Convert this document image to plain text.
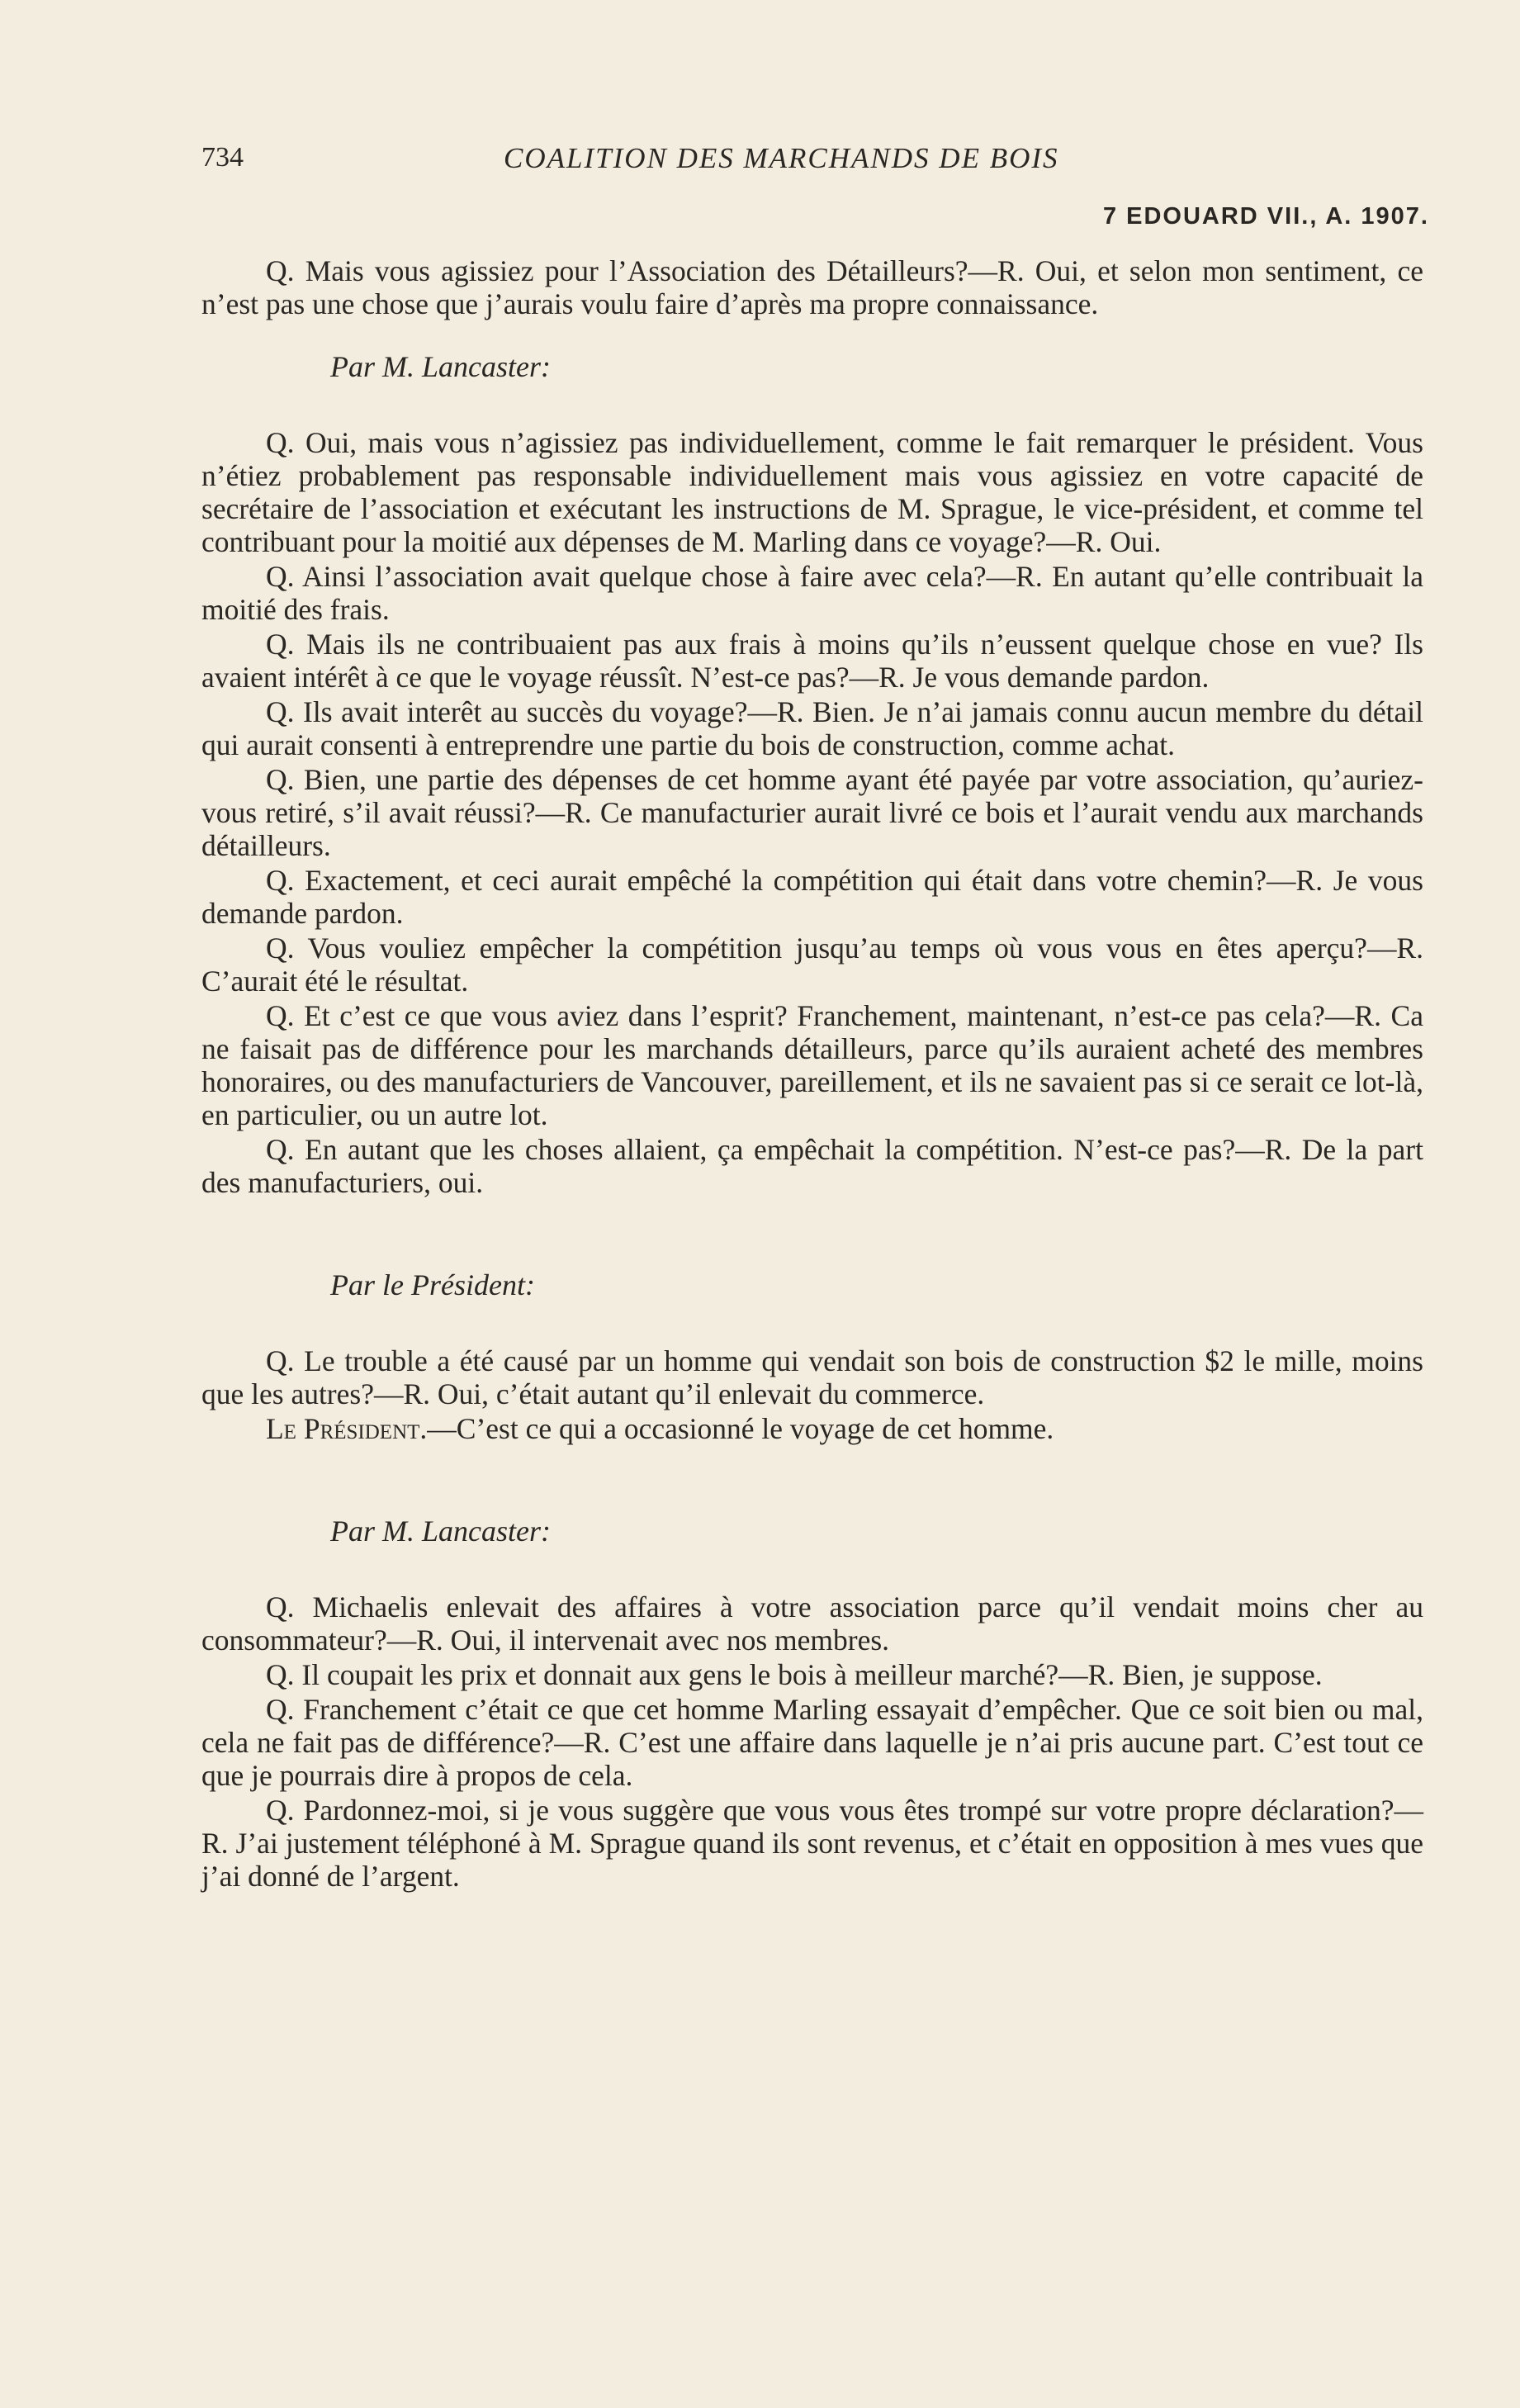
734	COALITION DES MARCHANDS DE BOIS
7 EDOUARD VII., A. 1907.

Q. Mais vous agissiez pour l’Association des Détailleurs?—R. Oui, et selon mon sentiment, ce n’est pas une chose que j’aurais voulu faire d’après ma propre connaissance.

Par M. Lancaster:

Q. Oui, mais vous n’agissiez pas individuellement, comme le fait remarquer le président. Vous n’étiez probablement pas responsable individuellement mais vous agissiez en votre capacité de secrétaire de l’association et exécutant les instructions de M. Sprague, le vice-président, et comme tel contribuant pour la moitié aux dépenses de M. Marling dans ce voyage?—R. Oui.

Q. Ainsi l’association avait quelque chose à faire avec cela?—R. En autant qu’elle contribuait la moitié des frais.

Q. Mais ils ne contribuaient pas aux frais à moins qu’ils n’eussent quelque chose en vue? Ils avaient intérêt à ce que le voyage réussît. N’est-ce pas?—R. Je vous demande pardon.

Q. Ils avait interêt au succès du voyage?—R. Bien. Je n’ai jamais connu aucun membre du détail qui aurait consenti à entreprendre une partie du bois de construction, comme achat.

Q. Bien, une partie des dépenses de cet homme ayant été payée par votre association, qu’auriez-vous retiré, s’il avait réussi?—R. Ce manufacturier aurait livré ce bois et l’aurait vendu aux marchands détailleurs.

Q. Exactement, et ceci aurait empêché la compétition qui était dans votre chemin?—R. Je vous demande pardon.

Q. Vous vouliez empêcher la compétition jusqu’au temps où vous vous en êtes aperçu?—R. C’aurait été le résultat.

Q. Et c’est ce que vous aviez dans l’esprit? Franchement, maintenant, n’est-ce pas cela?—R. Ca ne faisait pas de différence pour les marchands détailleurs, parce qu’ils auraient acheté des membres honoraires, ou des manufacturiers de Vancouver, pareillement, et ils ne savaient pas si ce serait ce lot-là, en particulier, ou un autre lot.

Q. En autant que les choses allaient, ça empêchait la compétition. N’est-ce pas?—R. De la part des manufacturiers, oui.

Par le Président:

Q. Le trouble a été causé par un homme qui vendait son bois de construction $2 le mille, moins que les autres?—R. Oui, c’était autant qu’il enlevait du commerce.

Le Président.—C’est ce qui a occasionné le voyage de cet homme.

Par M. Lancaster:

Q. Michaelis enlevait des affaires à votre association parce qu’il vendait moins cher au consommateur?—R. Oui, il intervenait avec nos membres.

Q. Il coupait les prix et donnait aux gens le bois à meilleur marché?—R. Bien, je suppose.

Q. Franchement c’était ce que cet homme Marling essayait d’empêcher. Que ce soit bien ou mal, cela ne fait pas de différence?—R. C’est une affaire dans laquelle je n’ai pris aucune part. C’est tout ce que je pourrais dire à propos de cela.

Q. Pardonnez-moi, si je vous suggère que vous vous êtes trompé sur votre propre déclaration?—R. J’ai justement téléphoné à M. Sprague quand ils sont revenus, et c’était en opposition à mes vues que j’ai donné de l’argent.
